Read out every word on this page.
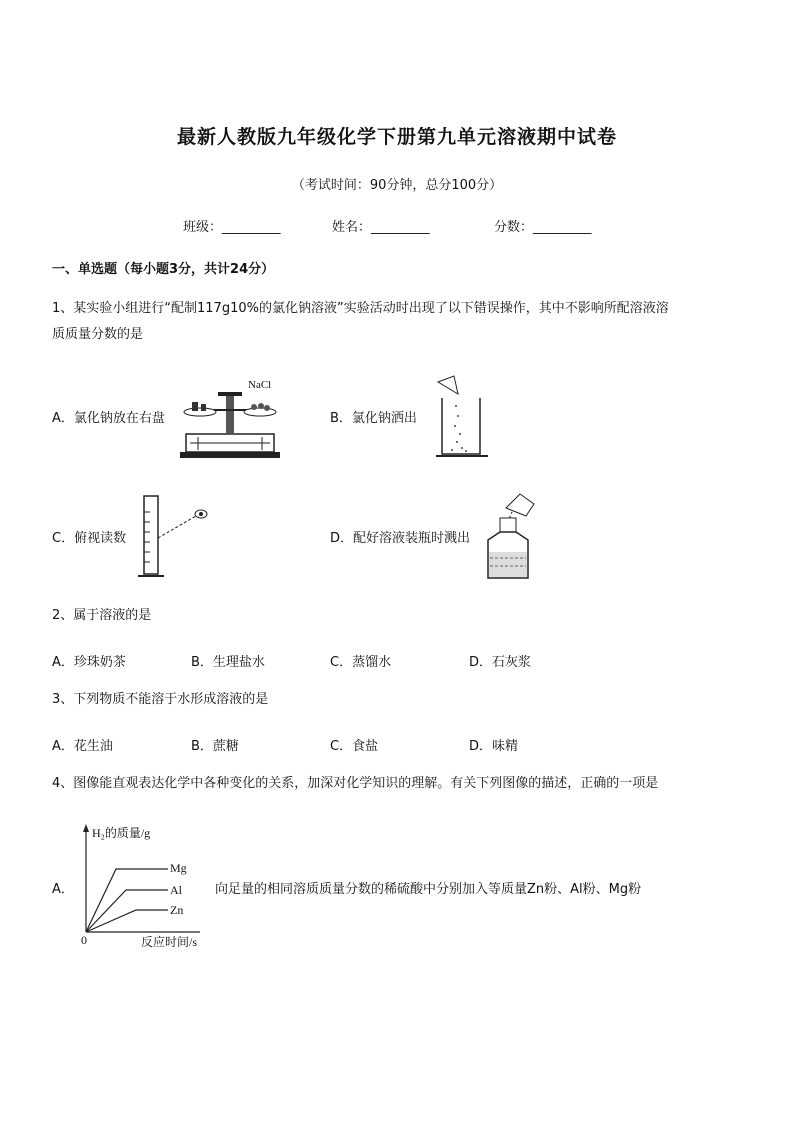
最新人教版九年级化学下册第九单元溶液期中试卷
（考试时间：90分钟，总分100分）
班级：_________	姓名：_________	分数：_________
一、单选题（每小题3分，共计24分）
1、某实验小组进行“配制117g10%的氯化钠溶液”实验活动时出现了以下错误操作，其中不影响所配溶液溶
质质量分数的是
A．氯化钠放在右盘
NaCl
B．氯化钠洒出
C．俯视读数	D．配好溶液装瓶时溅出
2、属于溶液的是
A．珍珠奶茶	B．生理盐水	C．蒸馏水	D．石灰浆
3、下列物质不能溶于水形成溶液的是
A．花生油	B．蔗糖	C．食盐	D．味精
4、图像能直观表达化学中各种变化的关系，加深对化学知识的理解。有关下列图像的描述，正确的一项是
A．
H₂的质量/g
反应时间/s
0
Mg
Al
Zn
向足量的相同溶质质量分数的稀硫酸中分别加入等质量Zn粉、Al粉、Mg粉
